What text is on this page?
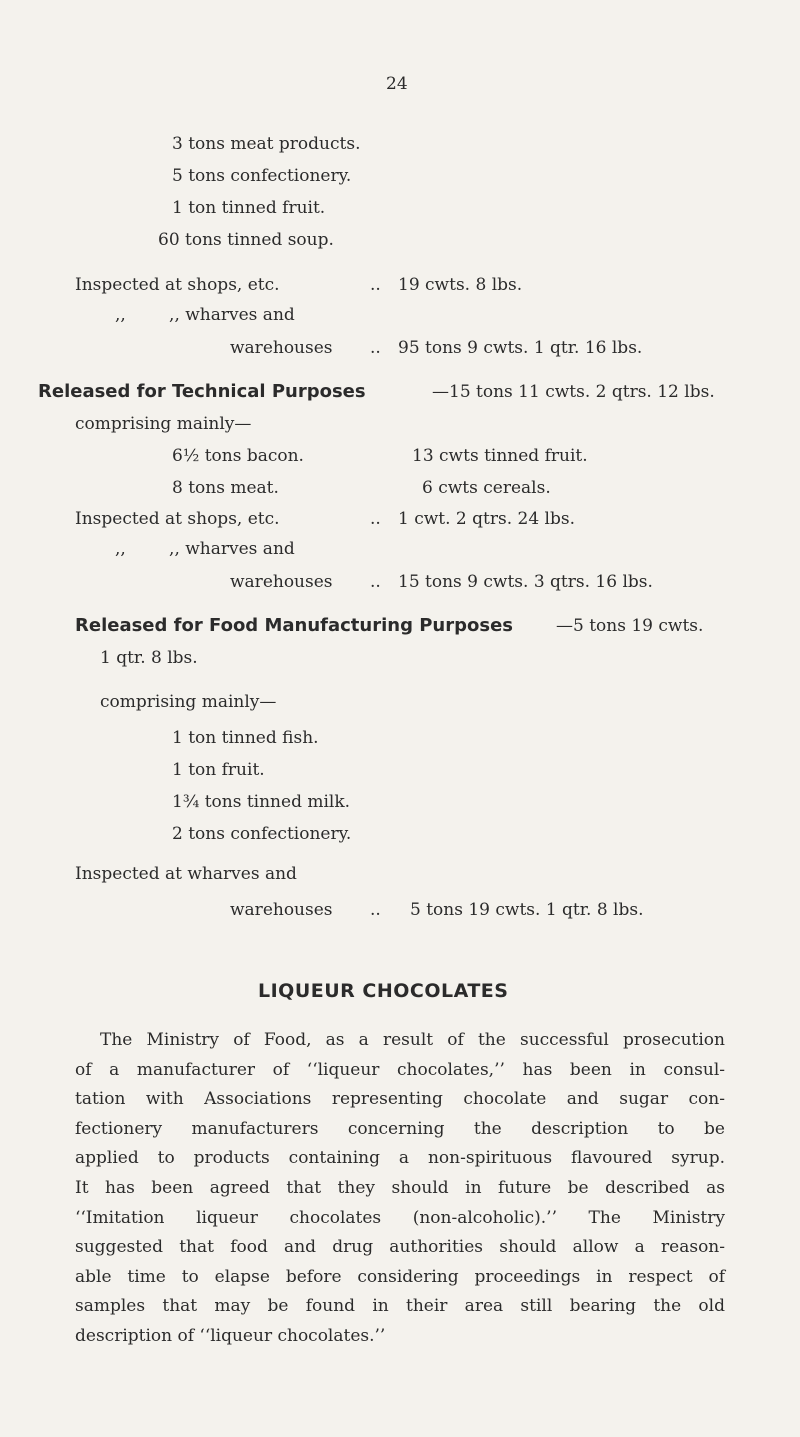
24
3 tons meat products.
5 tons confectionery.
1 ton tinned fruit.
60 tons tinned soup.
Inspected at shops, etc.	.. 19 cwts. 8 lbs.
,,        ,, wharves and
warehouses .. 95 tons 9 cwts. 1 qtr. 16 lbs.
Released for Technical Purposes	—15 tons 11 cwts. 2 qtrs. 12 lbs.
comprising mainly—
6½ tons bacon.	13 cwts tinned fruit.
8 tons meat.	6 cwts cereals.
Inspected at shops, etc.	.. 1 cwt. 2 qtrs. 24 lbs.
,,        ,, wharves and
warehouses .. 15 tons 9 cwts. 3 qtrs. 16 lbs.
Released for Food Manufacturing Purposes	—5 tons 19 cwts.
1 qtr. 8 lbs.
comprising mainly—
1 ton tinned fish.
1 ton fruit.
1¾ tons tinned milk.
2 tons confectionery.
Inspected at wharves and
warehouses .. 5 tons 19 cwts. 1 qtr. 8 lbs.
LIQUEUR CHOCOLATES
The Ministry of Food, as a result of the successful prosecution
of a manufacturer of ‘‘liqueur chocolates,’’ has been in consul-
tation with Associations representing chocolate and sugar con-
fectionery manufacturers concerning the description to be
applied to products containing a non-spirituous flavoured syrup.
It has been agreed that they should in future be described as
‘‘Imitation liqueur chocolates (non-alcoholic).’’ The Ministry
suggested that food and drug authorities should allow a reason-
able time to elapse before considering proceedings in respect of
samples that may be found in their area still bearing the old
description of ‘‘liqueur chocolates.’’
